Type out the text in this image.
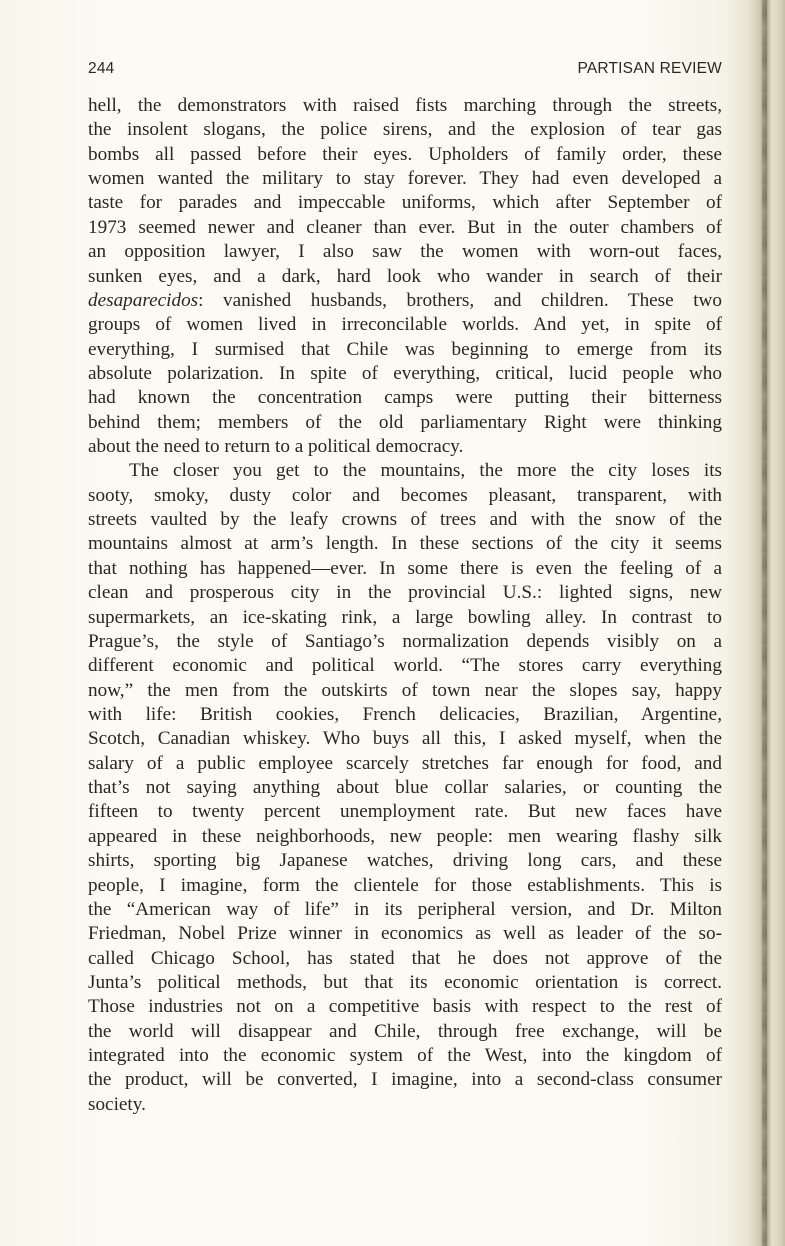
244	PARTISAN REVIEW
hell, the demonstrators with raised fists marching through the streets,
the insolent slogans, the police sirens, and the explosion of tear gas
bombs all passed before their eyes. Upholders of family order, these
women wanted the military to stay forever. They had even developed a
taste for parades and impeccable uniforms, which after September of
1973 seemed newer and cleaner than ever. But in the outer chambers of
an opposition lawyer, I also saw the women with worn-out faces,
sunken eyes, and a dark, hard look who wander in search of their
desaparecidos: vanished husbands, brothers, and children. These two
groups of women lived in irreconcilable worlds. And yet, in spite of
everything, I surmised that Chile was beginning to emerge from its
absolute polarization. In spite of everything, critical, lucid people who
had known the concentration camps were putting their bitterness
behind them; members of the old parliamentary Right were thinking
about the need to return to a political democracy.
The closer you get to the mountains, the more the city loses its
sooty, smoky, dusty color and becomes pleasant, transparent, with
streets vaulted by the leafy crowns of trees and with the snow of the
mountains almost at arm’s length. In these sections of the city it seems
that nothing has happened—ever. In some there is even the feeling of a
clean and prosperous city in the provincial U.S.: lighted signs, new
supermarkets, an ice-skating rink, a large bowling alley. In contrast to
Prague’s, the style of Santiago’s normalization depends visibly on a
different economic and political world. “The stores carry everything
now,” the men from the outskirts of town near the slopes say, happy
with life: British cookies, French delicacies, Brazilian, Argentine,
Scotch, Canadian whiskey. Who buys all this, I asked myself, when the
salary of a public employee scarcely stretches far enough for food, and
that’s not saying anything about blue collar salaries, or counting the
fifteen to twenty percent unemployment rate. But new faces have
appeared in these neighborhoods, new people: men wearing flashy silk
shirts, sporting big Japanese watches, driving long cars, and these
people, I imagine, form the clientele for those establishments. This is
the “American way of life” in its peripheral version, and Dr. Milton
Friedman, Nobel Prize winner in economics as well as leader of the so-
called Chicago School, has stated that he does not approve of the
Junta’s political methods, but that its economic orientation is correct.
Those industries not on a competitive basis with respect to the rest of
the world will disappear and Chile, through free exchange, will be
integrated into the economic system of the West, into the kingdom of
the product, will be converted, I imagine, into a second-class consumer
society.
